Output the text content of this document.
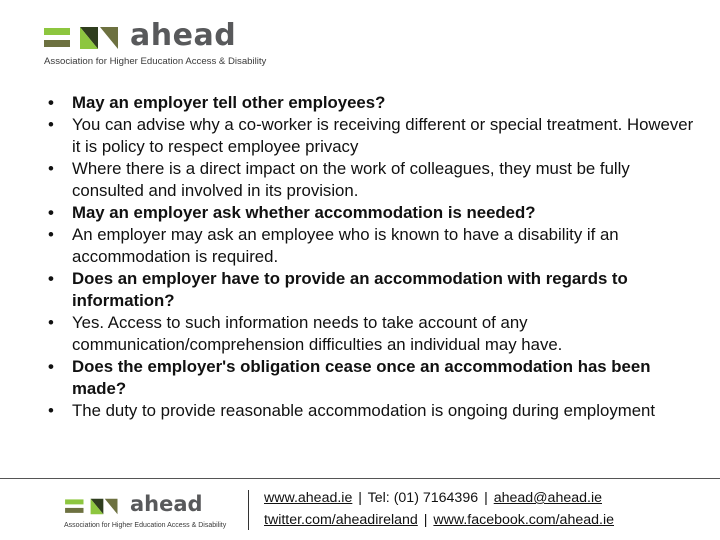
ahead
Association for Higher Education Access & Disability
• May an employer tell other employees?
• You can advise why a co-worker is receiving different or special treatment. However it is policy to respect employee privacy
• Where there is a direct impact on the work of colleagues, they must be fully consulted and involved in its provision.
• May an employer ask whether accommodation is needed?
• An employer may ask an employee who is known to have a disability if an accommodation is required.
• Does an employer have to provide an accommodation with regards to information?
• Yes. Access to such information needs to take account of any communication/comprehension difficulties an individual may have.
• Does the employer's obligation cease once an accommodation has been made?
• The duty to provide reasonable accommodation is ongoing during employment
ahead
Association for Higher Education Access & Disability
www.ahead.ie | Tel: (01) 7164396 | ahead@ahead.ie
twitter.com/aheadireland | www.facebook.com/ahead.ie
